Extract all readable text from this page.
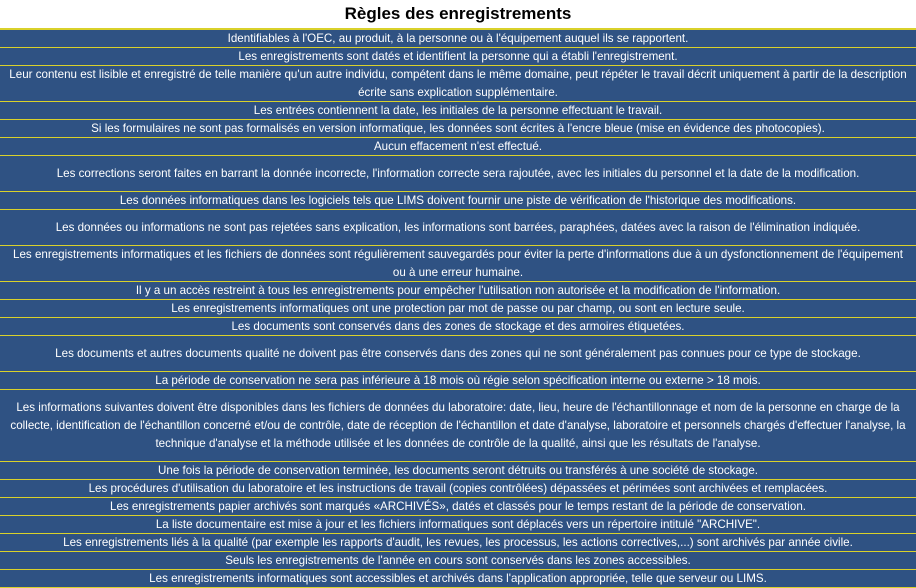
Règles des enregistrements
Identifiables à l'OEC, au produit, à la personne ou à l'équipement auquel ils se rapportent.
Les enregistrements sont datés et identifient la personne qui a établi l'enregistrement.
Leur contenu est lisible et enregistré de telle manière qu'un autre individu, compétent dans le même domaine, peut répéter le travail décrit uniquement à partir de la description écrite sans explication supplémentaire.
Les entrées contiennent la date, les initiales de la personne effectuant le travail.
Si les formulaires ne sont pas formalisés en version informatique, les données sont écrites à l'encre bleue (mise en évidence des photocopies).
Aucun effacement n'est effectué.
Les corrections seront faites en barrant la donnée incorrecte, l'information correcte sera rajoutée, avec les initiales du personnel et la date de la modification.
Les données informatiques dans les logiciels tels que LIMS doivent fournir une piste de vérification de l'historique des modifications.
Les données ou informations ne sont pas rejetées sans explication, les informations sont barrées, paraphées, datées avec la raison de l'élimination indiquée.
Les enregistrements informatiques et les fichiers de données sont régulièrement sauvegardés pour éviter la perte d'informations due à un dysfonctionnement de l'équipement ou à une erreur humaine.
Il y a un accès restreint à tous les enregistrements pour empêcher l'utilisation non autorisée et la modification de l'information.
Les enregistrements informatiques ont une protection par mot de passe ou par champ, ou sont en lecture seule.
Les documents sont conservés dans des zones de stockage et des armoires étiquetées.
Les documents et autres documents qualité ne doivent pas être conservés dans des zones qui ne sont généralement pas connues pour ce type de stockage.
La période de conservation ne sera pas inférieure à 18 mois où régie selon spécification interne ou externe > 18 mois.
Les informations suivantes doivent être disponibles dans les fichiers de données du laboratoire: date, lieu, heure de l'échantillonnage et nom de la personne en charge de la collecte, identification de l'échantillon concerné et/ou de contrôle, date de réception de l'échantillon et date d'analyse, laboratoire et personnels chargés d'effectuer l'analyse, la technique d'analyse et la méthode utilisée et les données de contrôle de la qualité, ainsi que les résultats de l'analyse.
Une fois la période de conservation terminée, les documents seront détruits ou transférés à une société de stockage.
Les procédures d'utilisation du laboratoire et les instructions de travail (copies contrôlées) dépassées et périmées sont archivées et remplacées.
Les enregistrements papier archivés sont marqués «ARCHIVÉS», datés et classés pour le temps restant de la période de conservation.
La liste documentaire est mise à jour et les fichiers informatiques sont déplacés vers un répertoire intitulé "ARCHIVE".
Les enregistrements liés à la qualité (par exemple les rapports d'audit, les revues, les processus, les actions correctives,...) sont archivés par année civile.
Seuls les enregistrements de l'année en cours sont conservés dans les zones accessibles.
Les enregistrements informatiques sont accessibles et archivés dans l'application appropriée, telle que serveur ou LIMS.
